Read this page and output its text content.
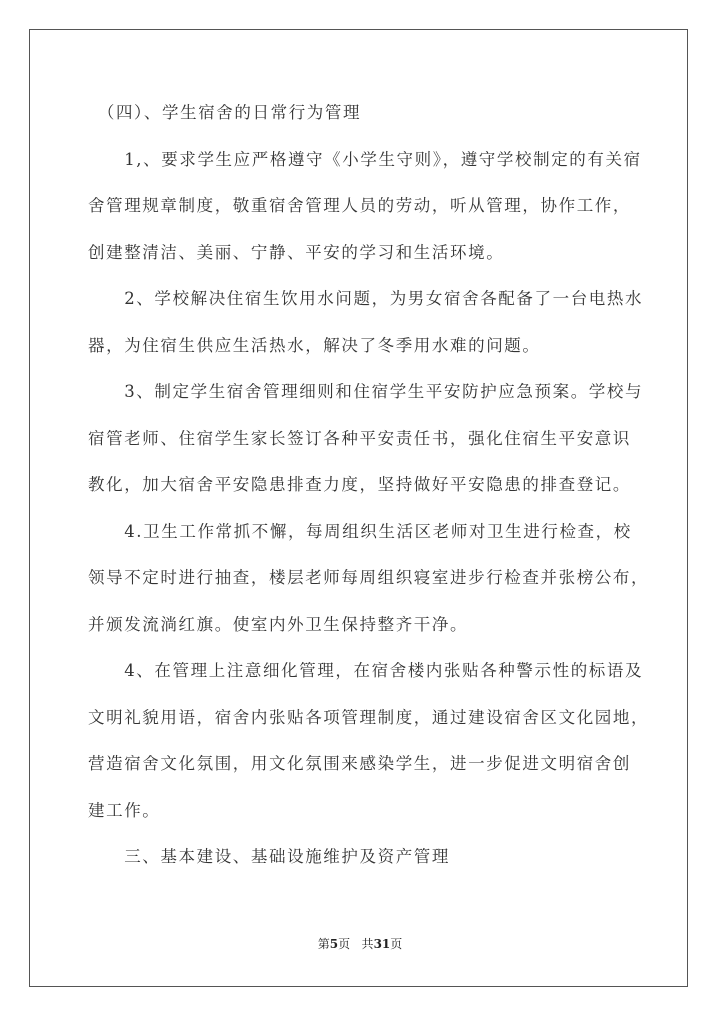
　（四）、学生宿舍的日常行为管理
　　1,、要求学生应严格遵守《小学生守则》，遵守学校制定的有关宿
舍管理规章制度，敬重宿舍管理人员的劳动，听从管理，协作工作，
创建整清洁、美丽、宁静、平安的学习和生活环境。
　　2、学校解决住宿生饮用水问题，为男女宿舍各配备了一台电热水
器，为住宿生供应生活热水，解决了冬季用水难的问题。
　　3、制定学生宿舍管理细则和住宿学生平安防护应急预案。学校与
宿管老师、住宿学生家长签订各种平安责任书，强化住宿生平安意识
教化，加大宿舍平安隐患排查力度，坚持做好平安隐患的排查登记。
　　4.卫生工作常抓不懈，每周组织生活区老师对卫生进行检查，校
领导不定时进行抽查，楼层老师每周组织寝室进步行检查并张榜公布，
并颁发流淌红旗。使室内外卫生保持整齐干净。
　　4、在管理上注意细化管理，在宿舍楼内张贴各种警示性的标语及
文明礼貌用语，宿舍内张贴各项管理制度，通过建设宿舍区文化园地，
营造宿舍文化氛围，用文化氛围来感染学生，进一步促进文明宿舍创
建工作。
　　三、基本建设、基础设施维护及资产管理
第5页 共31页
